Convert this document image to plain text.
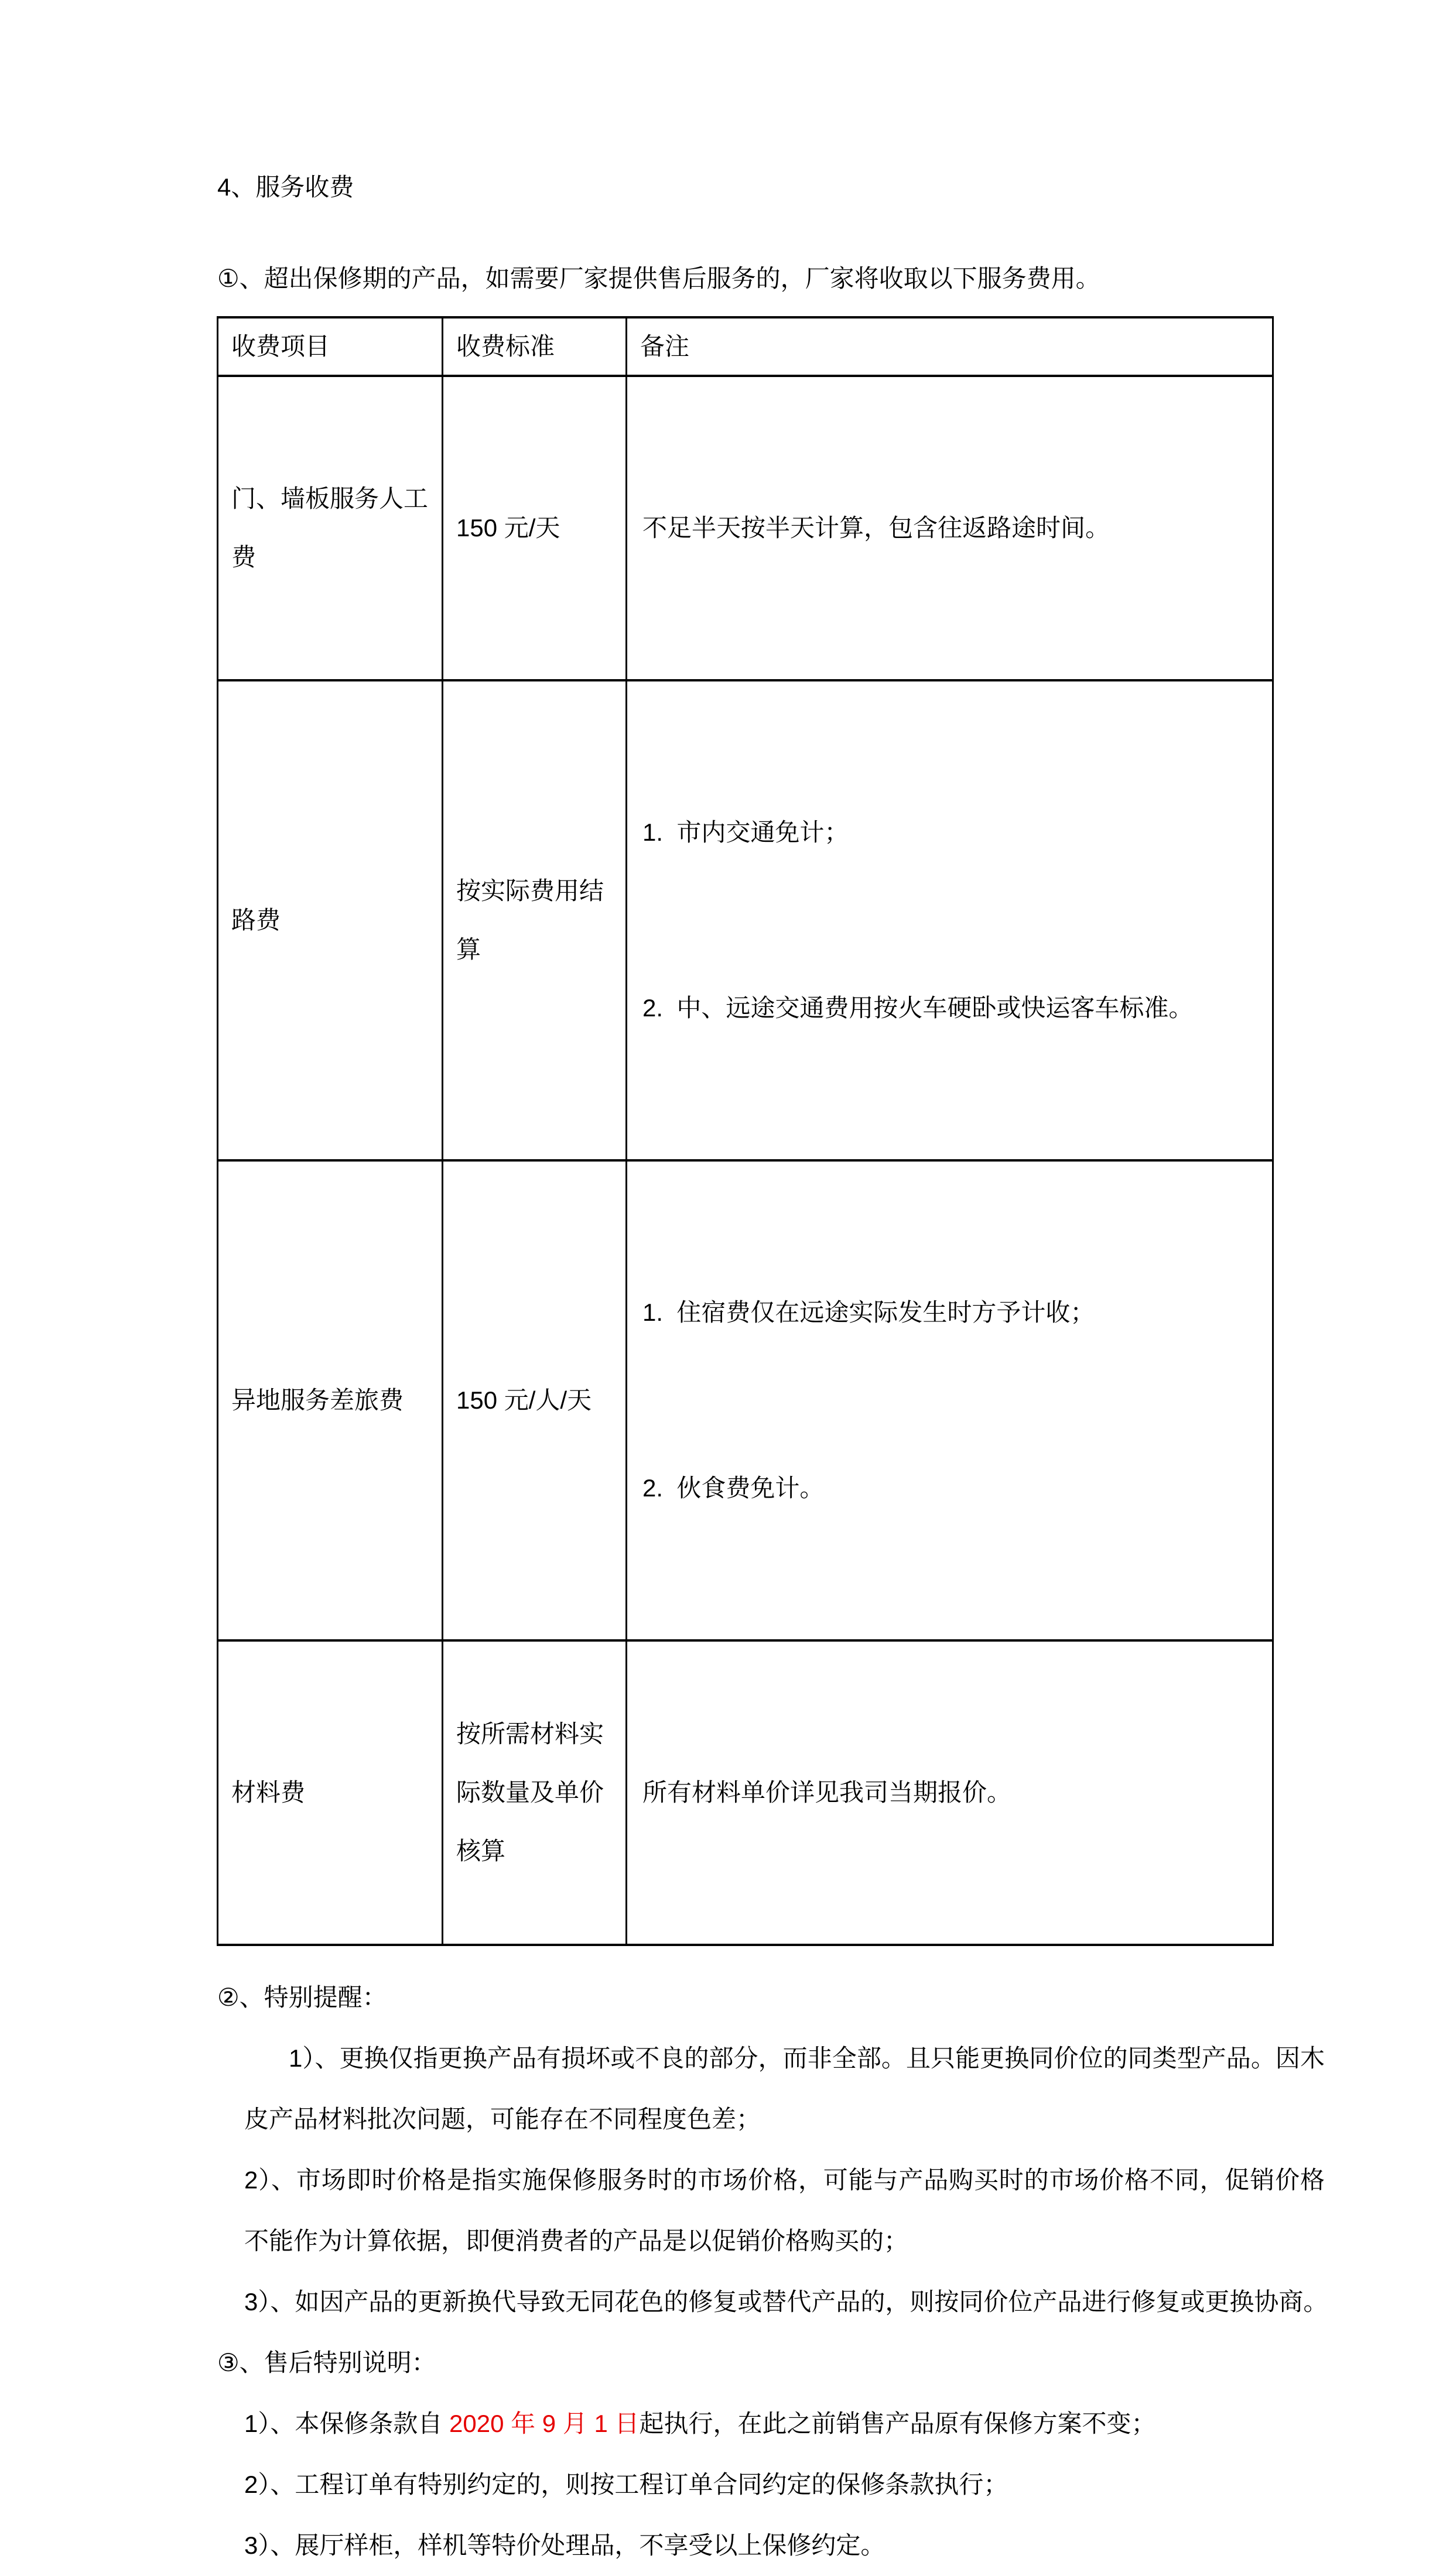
4、服务收费

①、超出保修期的产品，如需要厂家提供售后服务的，厂家将收取以下服务费用。

收费项目	收费标准	备注
门、墙板服务人工费	150 元/天	不足半天按半天计算，包含往返路途时间。

路费	按实际费用结算	1.  市内交通免计；

2.  中、远途交通费用按火车硬卧或快运客车标准。

异地服务差旅费	150 元/人/天	1.  住宿费仅在远途实际发生时方予计收；

2.  伙食费免计。

材料费	按所需材料实际数量及单价核算	所有材料单价详见我司当期报价。

②、特别提醒：

1）、更换仅指更换产品有损坏或不良的部分，而非全部。且只能更换同价位的同类型产品。因木皮产品材料批次问题，可能存在不同程度色差；

2）、市场即时价格是指实施保修服务时的市场价格，可能与产品购买时的市场价格不同，促销价格不能作为计算依据，即便消费者的产品是以促销价格购买的；

3）、如因产品的更新换代导致无同花色的修复或替代产品的，则按同价位产品进行修复或更换协商。

③、售后特别说明：

1）、本保修条款自 2020 年 9 月 1 日起执行，在此之前销售产品原有保修方案不变；

2）、工程订单有特别约定的，则按工程订单合同约定的保修条款执行；

3）、展厅样柜，样机等特价处理品，不享受以上保修约定。
